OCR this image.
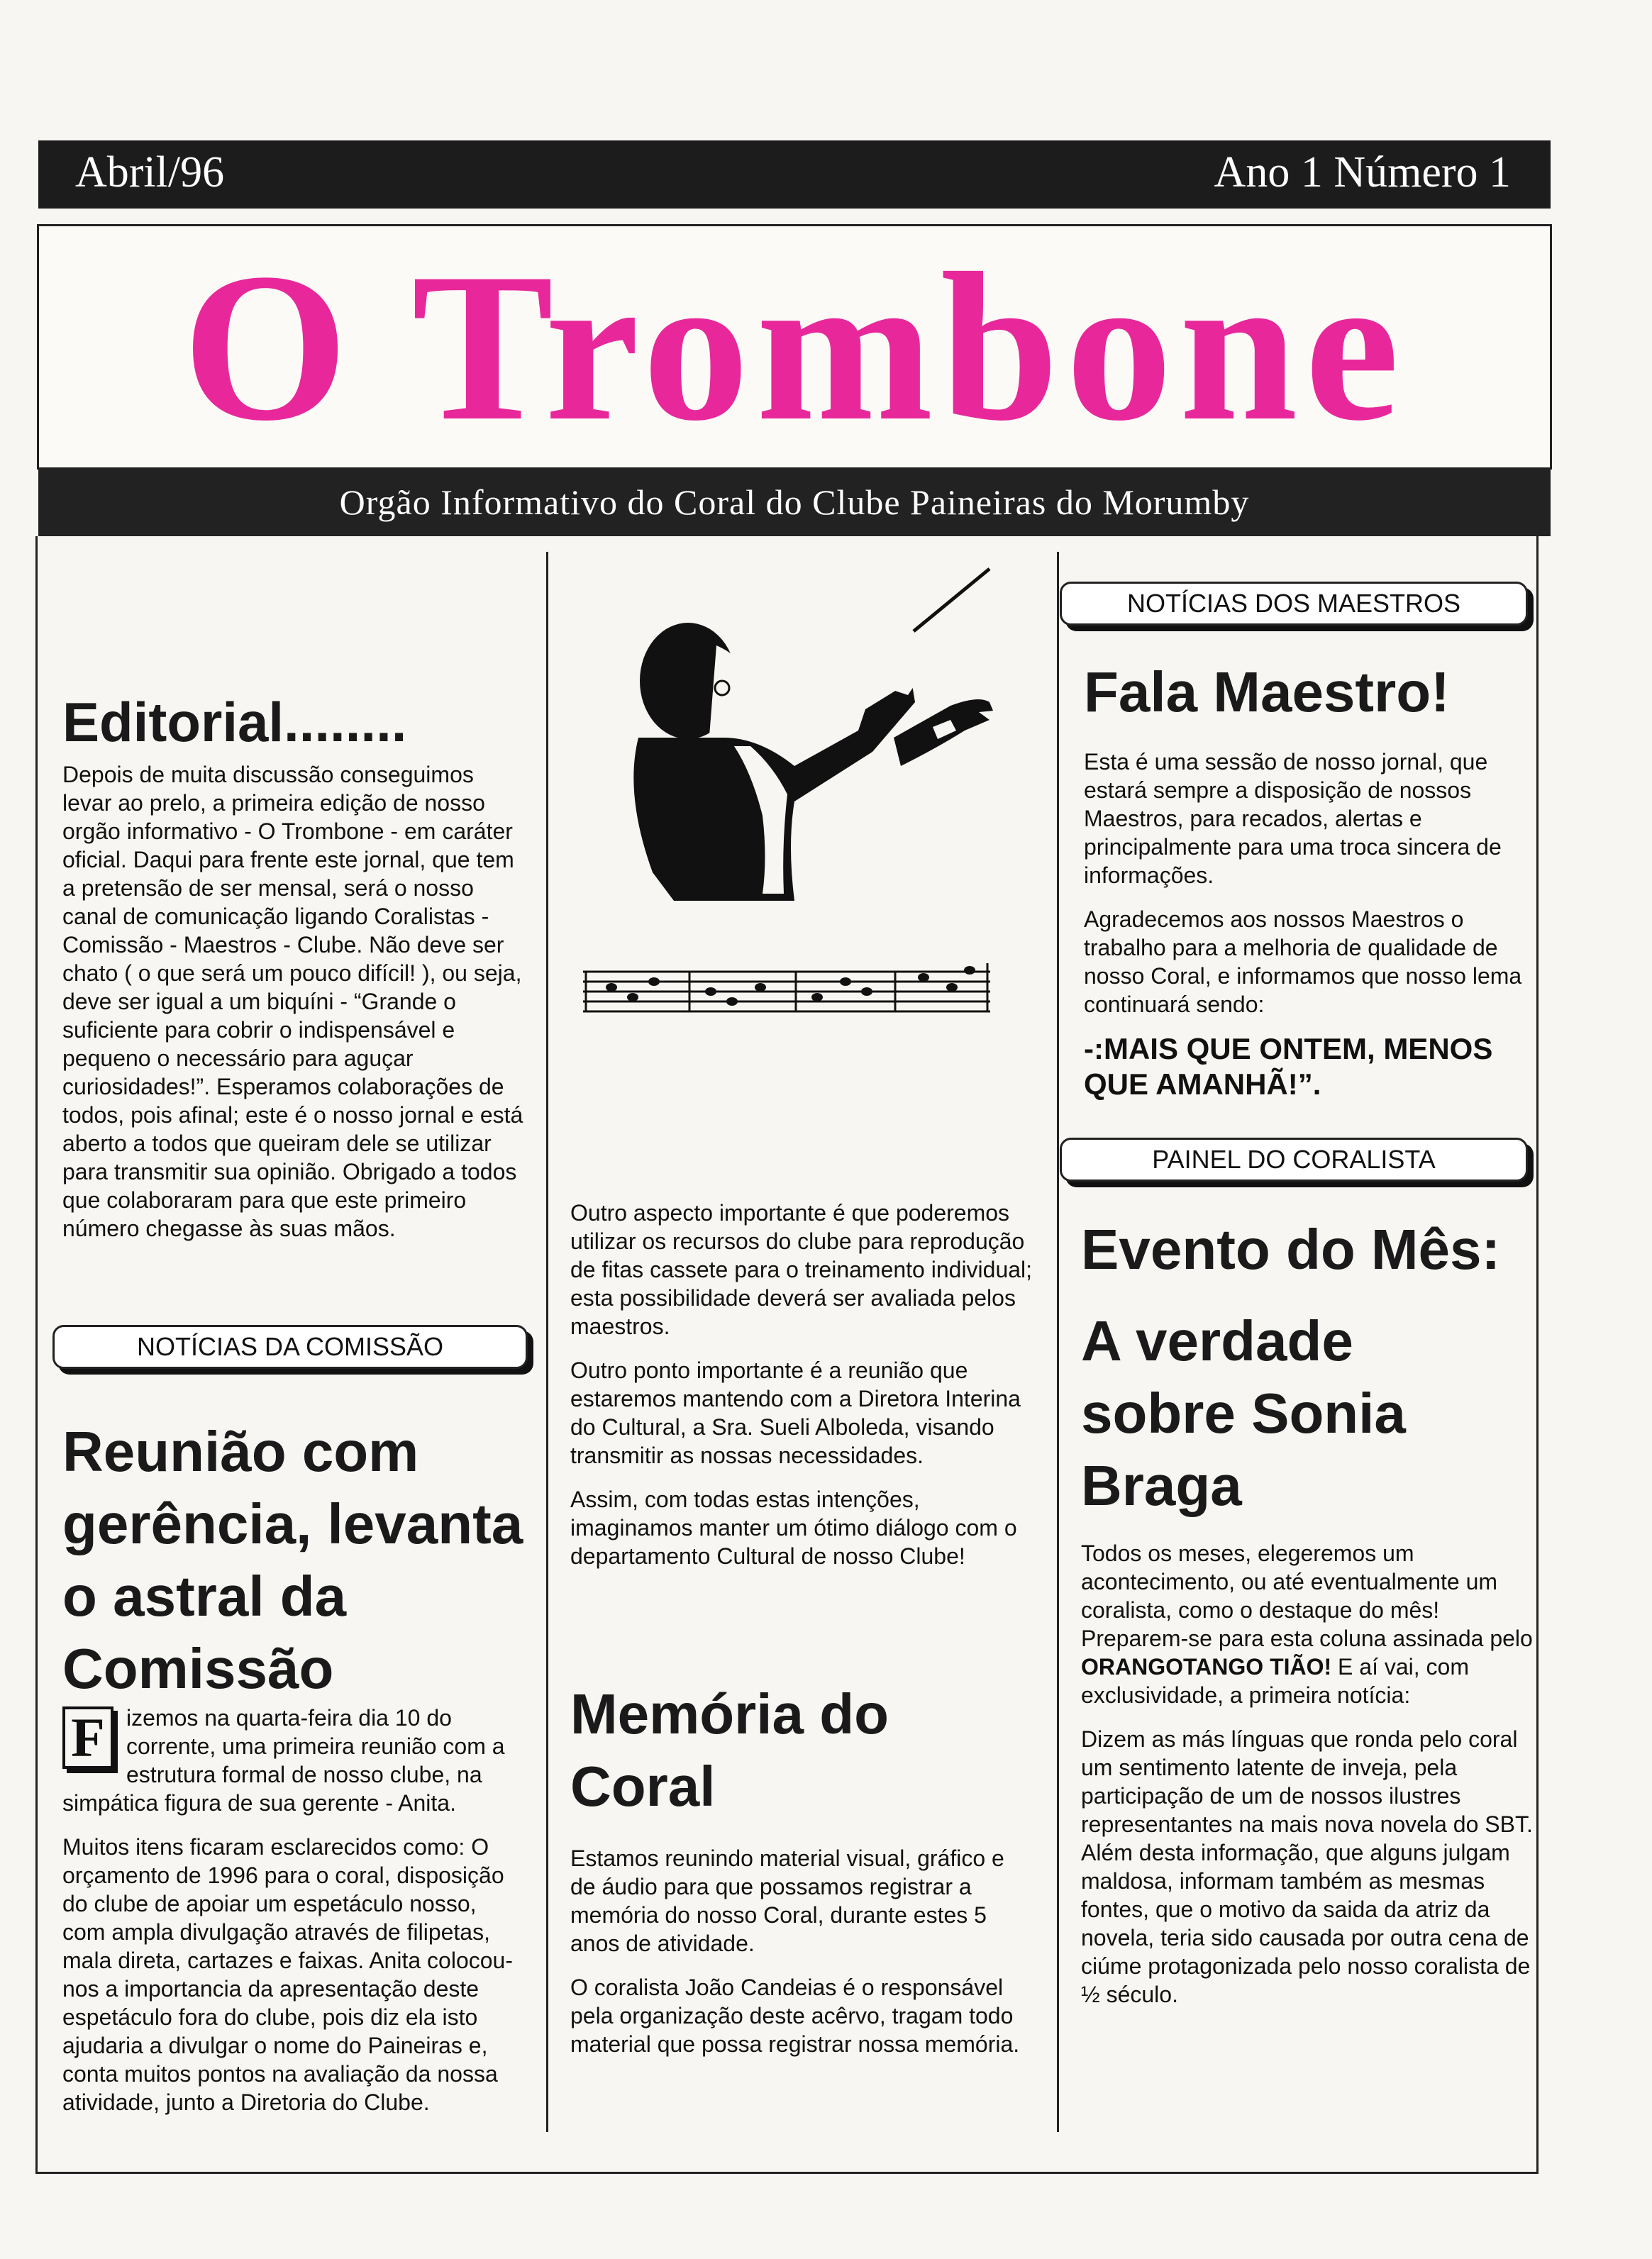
Abril/96	Ano 1 Número 1
O Trombone
Orgão Informativo do Coral do Clube Paineiras do Morumby
Editorial........

Depois de muita discussão conseguimos levar ao prelo, a primeira edição de nosso orgão informativo - O Trombone - em caráter oficial. Daqui para frente este jornal, que tem a pretensão de ser mensal, será o nosso canal de comunicação ligando Coralistas - Comissão - Maestros - Clube. Não deve ser chato ( o que será um pouco difícil! ), ou seja, deve ser igual a um biquíni - “Grande o suficiente para cobrir o indispensável e pequeno o necessário para aguçar curiosidades!”. Esperamos colaborações de todos, pois afinal; este é o nosso jornal e está aberto a todos que queiram dele se utilizar para transmitir sua opinião. Obrigado a todos que colaboraram para que este primeiro número chegasse às suas mãos.

NOTÍCIAS DA COMISSÃO
Reunião com gerência, levanta o astral da Comissão

F izemos na quarta-feira dia 10 do corrente, uma primeira reunião com a estrutura formal de nosso clube, na simpática figura de sua gerente - Anita.

Muitos itens ficaram esclarecidos como: O orçamento de 1996 para o coral, disposição do clube de apoiar um espetáculo nosso, com ampla divulgação através de filipetas, mala direta, cartazes e faixas. Anita colocou-nos a importancia da apresentação deste espetáculo fora do clube, pois diz ela isto ajudaria a divulgar o nome do Paineiras e, conta muitos pontos na avaliação da nossa atividade, junto a Diretoria do Clube.

Outro aspecto importante é que poderemos utilizar os recursos do clube para reprodução de fitas cassete para o treinamento individual; esta possibilidade deverá ser avaliada pelos maestros.

Outro ponto importante é a reunião que estaremos mantendo com a Diretora Interina do Cultural, a Sra. Sueli Alboleda, visando transmitir as nossas necessidades.

Assim, com todas estas intenções, imaginamos manter um ótimo diálogo com o departamento Cultural de nosso Clube!

Memória do Coral

Estamos reunindo material visual, gráfico e de áudio para que possamos registrar a memória do nosso Coral, durante estes 5 anos de atividade.

O coralista João Candeias é o responsável pela organização deste acêrvo, tragam todo material que possa registrar nossa memória.

NOTÍCIAS DOS MAESTROS
Fala Maestro!

Esta é uma sessão de nosso jornal, que estará sempre a disposição de nossos Maestros, para recados, alertas e principalmente para uma troca sincera de informações.

Agradecemos aos nossos Maestros o trabalho para a melhoria de qualidade de nosso Coral, e informamos que nosso lema continuará sendo:

-:MAIS QUE ONTEM, MENOS QUE AMANHÃ!”.

PAINEL DO CORALISTA
Evento do Mês:
A verdade sobre Sonia Braga

Todos os meses, elegeremos um acontecimento, ou até eventualmente um coralista, como o destaque do mês! Preparem-se para esta coluna assinada pelo ORANGOTANGO TIÃO! E aí vai, com exclusividade, a primeira notícia:

Dizem as más línguas que ronda pelo coral um sentimento latente de inveja, pela participação de um de nossos ilustres representantes na mais nova novela do SBT. Além desta informação, que alguns julgam maldosa, informam também as mesmas fontes, que o motivo da saida da atriz da novela, teria sido causada por outra cena de ciúme protagonizada pelo nosso coralista de ½ século.
